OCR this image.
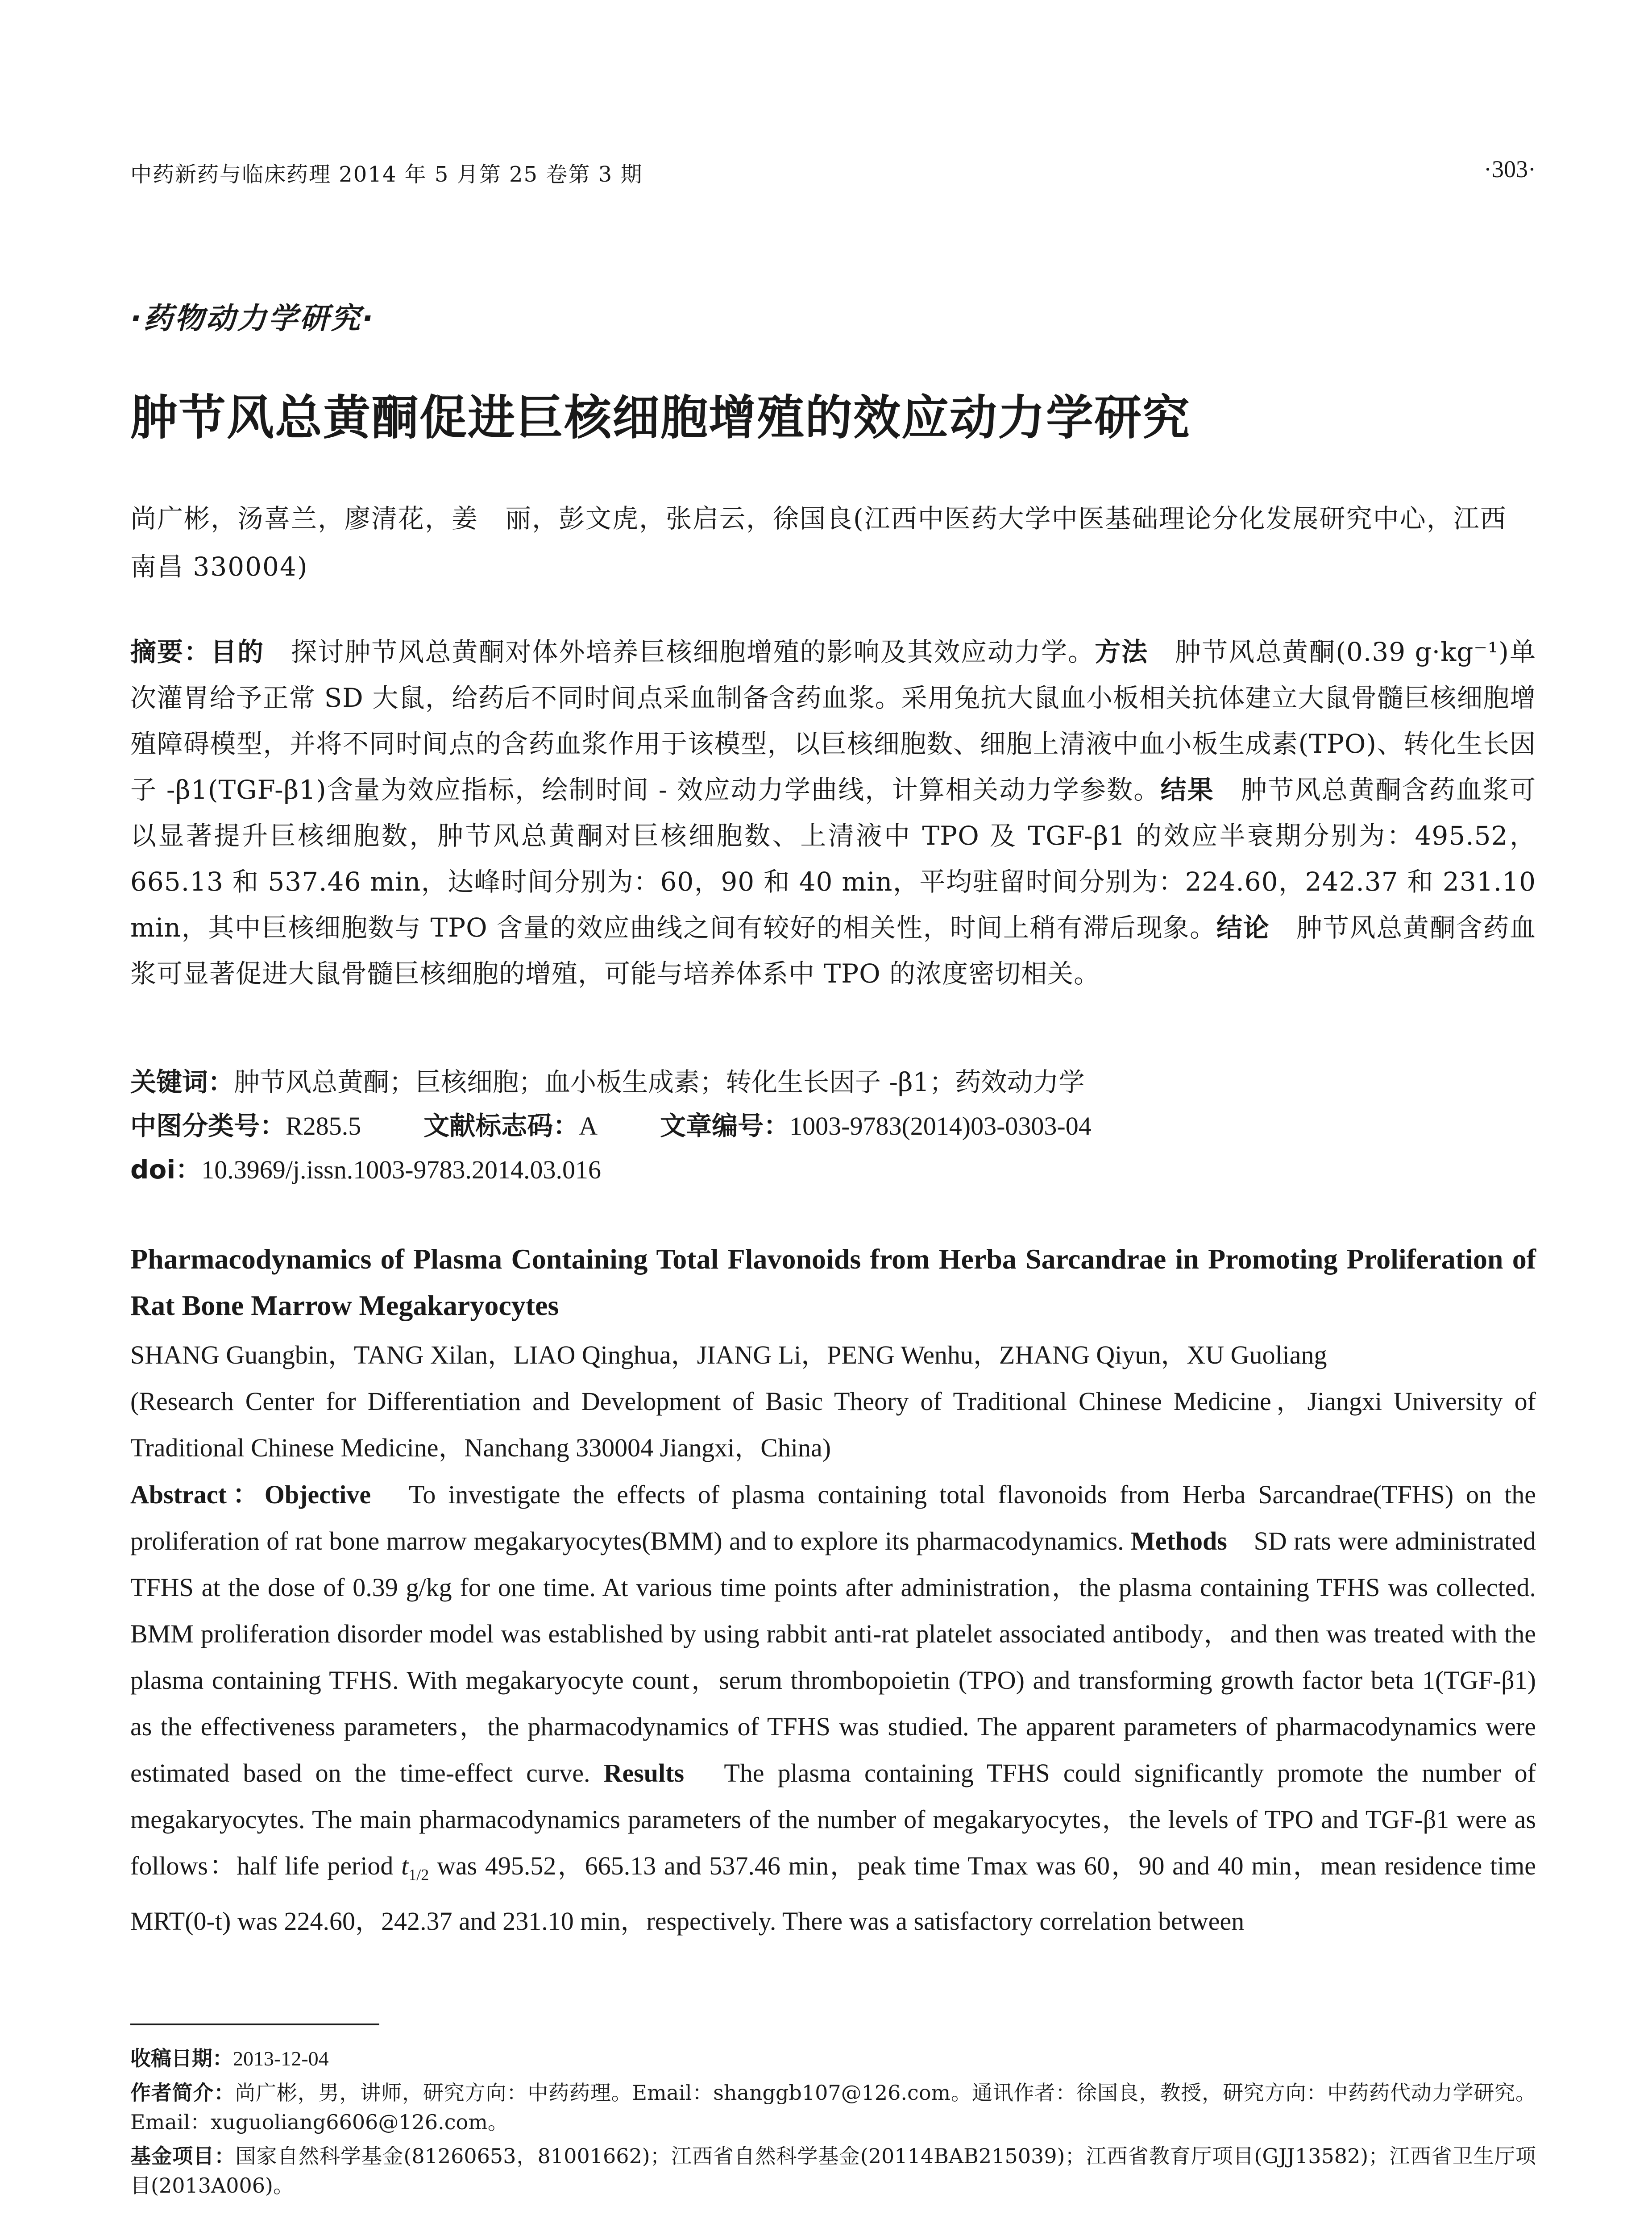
中药新药与临床药理 2014 年 5 月第 25 卷第 3 期	·303·
·药物动力学研究·
肿节风总黄酮促进巨核细胞增殖的效应动力学研究
尚广彬，汤喜兰，廖清花，姜　丽，彭文虎，张启云，徐国良(江西中医药大学中医基础理论分化发展研究中心，江西 南昌 330004)
摘要：目的　探讨肿节风总黄酮对体外培养巨核细胞增殖的影响及其效应动力学。方法　肿节风总黄酮(0.39 g·kg⁻¹)单次灌胃给予正常 SD 大鼠，给药后不同时间点采血制备含药血浆。采用兔抗大鼠血小板相关抗体建立大鼠骨髓巨核细胞增殖障碍模型，并将不同时间点的含药血浆作用于该模型，以巨核细胞数、细胞上清液中血小板生成素(TPO)、转化生长因子 -β1(TGF-β1)含量为效应指标，绘制时间 - 效应动力学曲线，计算相关动力学参数。结果　肿节风总黄酮含药血浆可以显著提升巨核细胞数，肿节风总黄酮对巨核细胞数、上清液中 TPO 及 TGF-β1 的效应半衰期分别为：495.52，665.13 和 537.46 min，达峰时间分别为：60，90 和 40 min，平均驻留时间分别为：224.60，242.37 和 231.10 min，其中巨核细胞数与 TPO 含量的效应曲线之间有较好的相关性，时间上稍有滞后现象。结论　肿节风总黄酮含药血浆可显著促进大鼠骨髓巨核细胞的增殖，可能与培养体系中 TPO 的浓度密切相关。
关键词：肿节风总黄酮；巨核细胞；血小板生成素；转化生长因子 -β1；药效动力学
中图分类号：R285.5 文献标志码：A 文章编号：1003-9783(2014)03-0303-04
doi：10.3969/j.issn.1003-9783.2014.03.016
Pharmacodynamics of Plasma Containing Total Flavonoids from Herba Sarcandrae in Promoting Proliferation of Rat Bone Marrow Megakaryocytes
SHANG Guangbin，TANG Xilan，LIAO Qinghua，JIANG Li，PENG Wenhu，ZHANG Qiyun，XU Guoliang
(Research Center for Differentiation and Development of Basic Theory of Traditional Chinese Medicine，Jiangxi University of Traditional Chinese Medicine，Nanchang 330004 Jiangxi，China)
Abstract：Objective　To investigate the effects of plasma containing total flavonoids from Herba Sarcandrae(TFHS) on the proliferation of rat bone marrow megakaryocytes(BMM) and to explore its pharmacodynamics. Methods　SD rats were administrated TFHS at the dose of 0.39 g/kg for one time. At various time points after administration，the plasma containing TFHS was collected. BMM proliferation disorder model was established by using rabbit anti-rat platelet associated antibody，and then was treated with the plasma containing TFHS. With megakaryocyte count，serum thrombopoietin (TPO) and transforming growth factor beta 1(TGF-β1) as the effectiveness parameters，the pharmacodynamics of TFHS was studied. The apparent parameters of pharmacodynamics were estimated based on the time-effect curve. Results　The plasma containing TFHS could significantly promote the number of megakaryocytes. The main pharmacodynamics parameters of the number of megakaryocytes，the levels of TPO and TGF-β1 were as follows：half life period $t_{1/2}$ was 495.52，665.13 and 537.46 min，peak time Tmax was 60，90 and 40 min，mean residence time MRT(0-t) was 224.60，242.37 and 231.10 min，respectively. There was a satisfactory correlation between

收稿日期：2013-12-04

作者简介：尚广彬，男，讲师，研究方向：中药药理。Email：shanggb107@126.com。通讯作者：徐国良，教授，研究方向：中药药代动力学研究。Email：xuguoliang6606@126.com。

基金项目：国家自然科学基金(81260653，81001662)；江西省自然科学基金(20114BAB215039)；江西省教育厅项目(GJJ13582)；江西省卫生厅项目(2013A006)。
